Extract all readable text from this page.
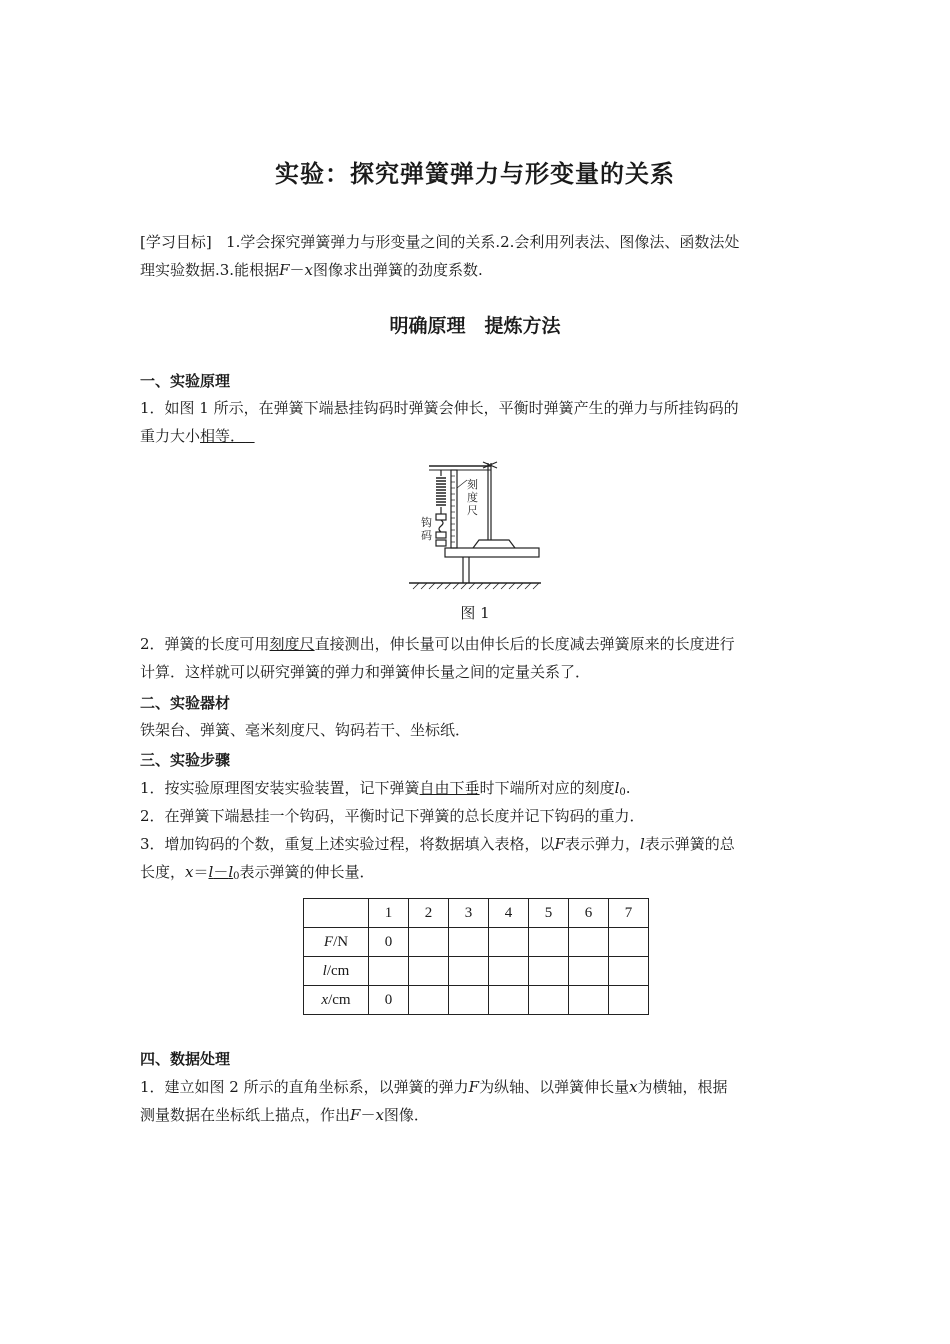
实验：探究弹簧弹力与形变量的关系
[学习目标] 1.学会探究弹簧弹力与形变量之间的关系.2.会利用列表法、图像法、函数法处
理实验数据.3.能根据F－x图像求出弹簧的劲度系数.
明确原理　提炼方法
一、实验原理
1．如图 1 所示，在弹簧下端悬挂钩码时弹簧会伸长，平衡时弹簧产生的弹力与所挂钩码的
重力大小相等．
刻
度
尺
钩
码
图 1
2．弹簧的长度可用刻度尺直接测出，伸长量可以由伸长后的长度减去弹簧原来的长度进行
计算．这样就可以研究弹簧的弹力和弹簧伸长量之间的定量关系了．
二、实验器材
铁架台、弹簧、毫米刻度尺、钩码若干、坐标纸．
三、实验步骤
1．按实验原理图安装实验装置，记下弹簧自由下垂时下端所对应的刻度$l_0$.
2．在弹簧下端悬挂一个钩码，平衡时记下弹簧的总长度并记下钩码的重力．
3．增加钩码的个数，重复上述实验过程，将数据填入表格，以F表示弹力，l表示弹簧的总
长度，$x=l-l_0$表示弹簧的伸长量．
	1	2	3	4	5	6	7
F/N	0						
l/cm							
x/cm	0						
四、数据处理
1．建立如图 2 所示的直角坐标系，以弹簧的弹力F为纵轴、以弹簧伸长量x为横轴，根据
测量数据在坐标纸上描点，作出F－x图像．
